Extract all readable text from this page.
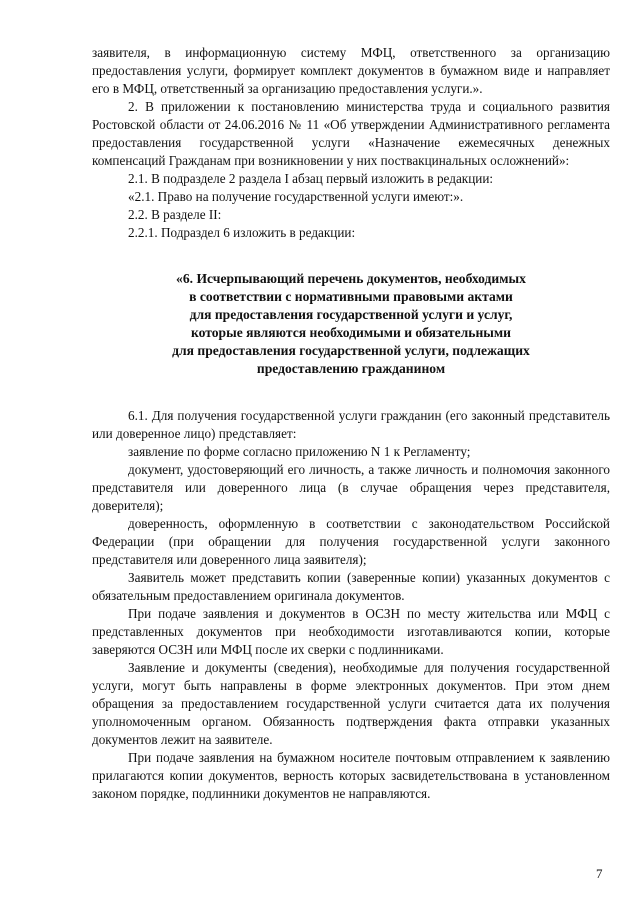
заявителя, в информационную систему МФЦ, ответственного за организацию предоставления услуги, формирует комплект документов в бумажном виде и направляет его в МФЦ, ответственный за организацию предоставления услуги.».

2. В приложении к постановлению министерства труда и социального развития Ростовской области от 24.06.2016 № 11 «Об утверждении Административного регламента предоставления государственной услуги «Назначение ежемесячных денежных компенсаций Гражданам при возникновении у них поствакцинальных осложнений»:

2.1. В подразделе 2 раздела I абзац первый изложить в редакции:

«2.1. Право на получение государственной услуги имеют:».

2.2. В разделе II:

2.2.1. Подраздел 6 изложить в редакции:

«6. Исчерпывающий перечень документов, необходимых
в соответствии с нормативными правовыми актами
для предоставления государственной услуги и услуг,
которые являются необходимыми и обязательными
для предоставления государственной услуги, подлежащих
предоставлению гражданином

6.1. Для получения государственной услуги гражданин (его законный представитель или доверенное лицо) представляет:

заявление по форме согласно приложению N 1 к Регламенту;

документ, удостоверяющий его личность, а также личность и полномочия законного представителя или доверенного лица (в случае обращения через представителя, доверителя);

доверенность, оформленную в соответствии с законодательством Российской Федерации (при обращении для получения государственной услуги законного представителя или доверенного лица заявителя);

Заявитель может представить копии (заверенные копии) указанных документов с обязательным предоставлением оригинала документов.

При подаче заявления и документов в ОСЗН по месту жительства или МФЦ с представленных документов при необходимости изготавливаются копии, которые заверяются ОСЗН или МФЦ после их сверки с подлинниками.

Заявление и документы (сведения), необходимые для получения государственной услуги, могут быть направлены в форме электронных документов. При этом днем обращения за предоставлением государственной услуги считается дата их получения уполномоченным органом. Обязанность подтверждения факта отправки указанных документов лежит на заявителе.

При подаче заявления на бумажном носителе почтовым отправлением к заявлению прилагаются копии документов, верность которых засвидетельствована в установленном законом порядке, подлинники документов не направляются.

7
